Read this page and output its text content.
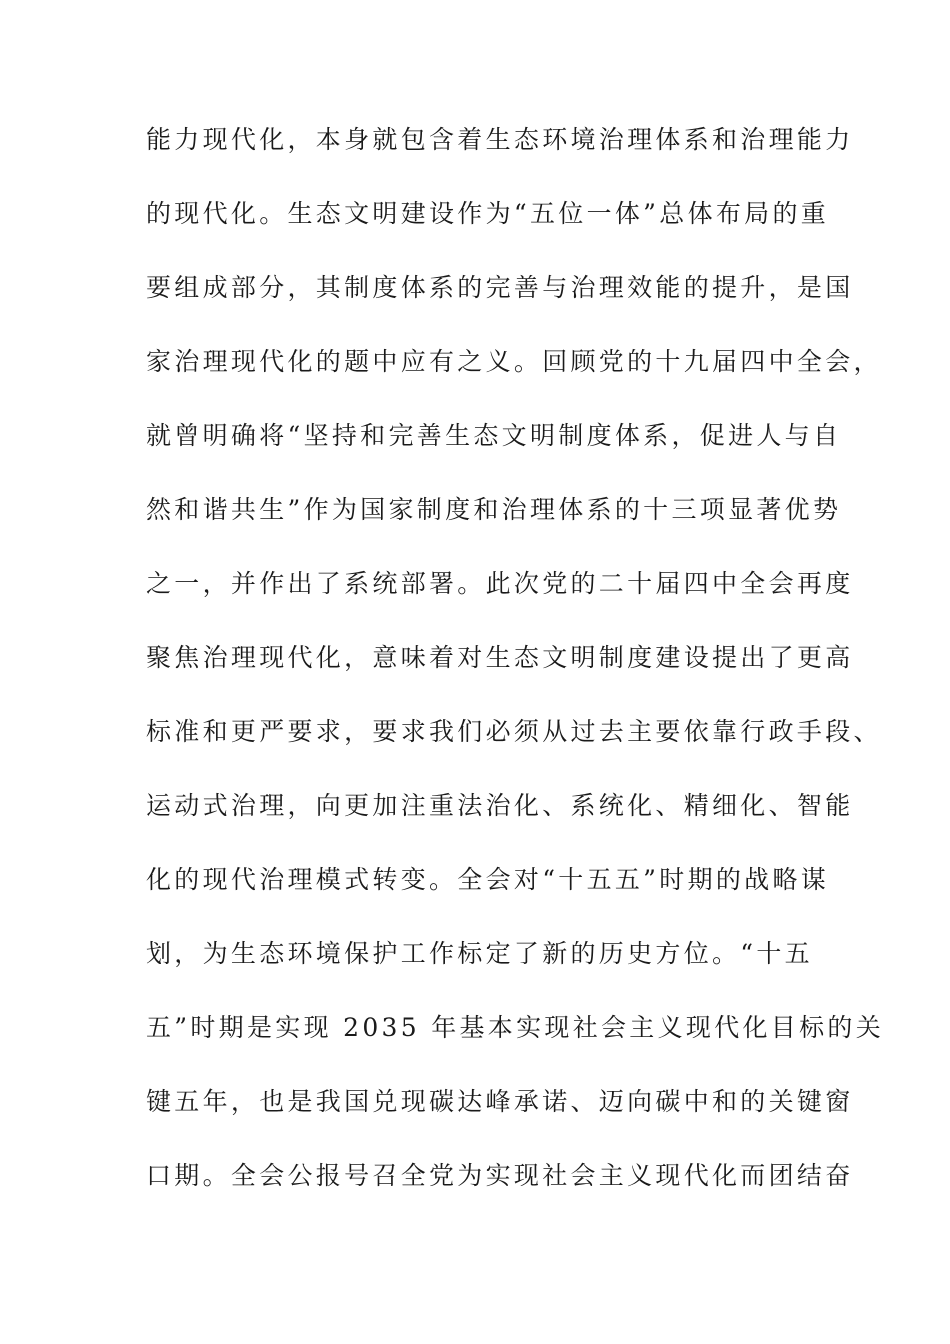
能力现代化，本身就包含着生态环境治理体系和治理能力
的现代化。生态文明建设作为“五位一体”总体布局的重
要组成部分，其制度体系的完善与治理效能的提升，是国
家治理现代化的题中应有之义。回顾党的十九届四中全会，
就曾明确将“坚持和完善生态文明制度体系，促进人与自
然和谐共生”作为国家制度和治理体系的十三项显著优势
之一，并作出了系统部署。此次党的二十届四中全会再度
聚焦治理现代化，意味着对生态文明制度建设提出了更高
标准和更严要求，要求我们必须从过去主要依靠行政手段、
运动式治理，向更加注重法治化、系统化、精细化、智能
化的现代治理模式转变。全会对“十五五”时期的战略谋
划，为生态环境保护工作标定了新的历史方位。“十五
五”时期是实现 2035 年基本实现社会主义现代化目标的关
键五年，也是我国兑现碳达峰承诺、迈向碳中和的关键窗
口期。全会公报号召全党为实现社会主义现代化而团结奋
